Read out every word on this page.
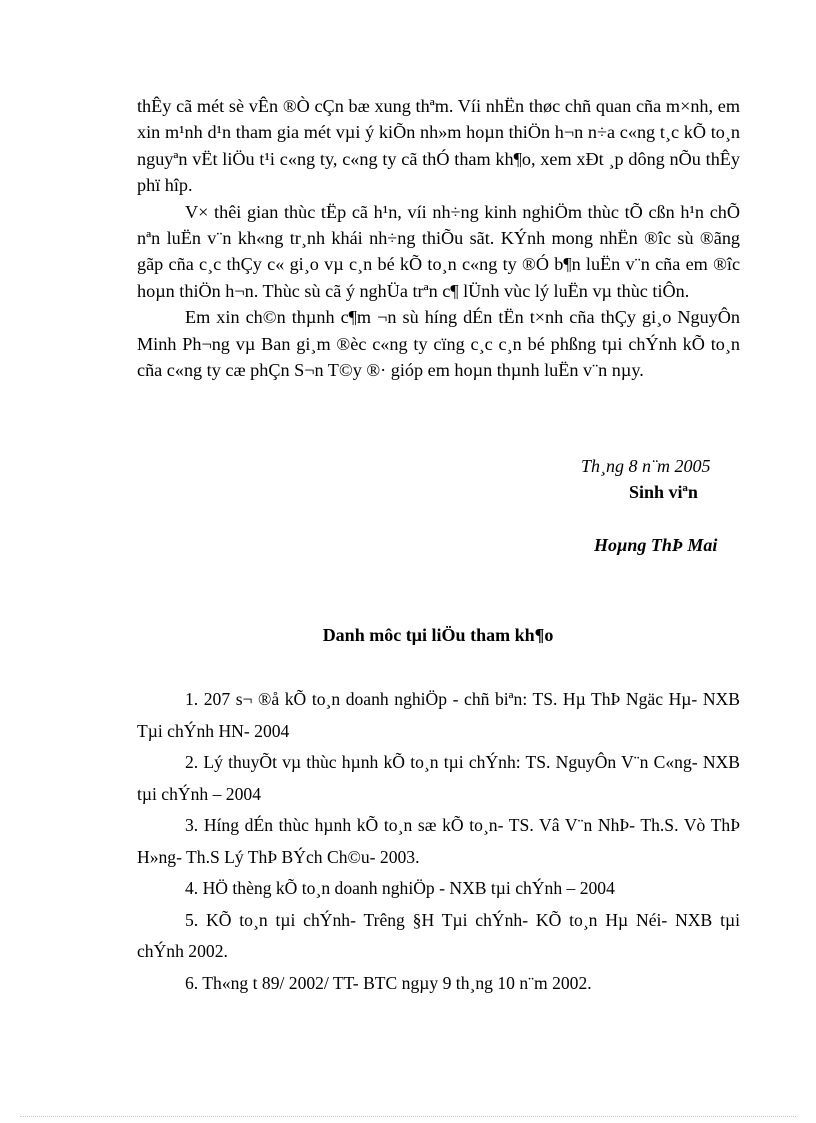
thÊy cã mét sè vÊn ®Ò cÇn bæ xung thªm. Víi nhËn thøc chñ quan cña m×nh, em xin m¹nh d¹n tham gia mét vµi ý kiÕn nh»m hoµn thiÖn h¬n n÷a c«ng t¸c kÕ to¸n nguyªn vËt liÖu t¹i c«ng ty, c«ng ty cã thÓ tham kh¶o, xem xÐt ¸p dông nÕu thÊy phï hîp.

V× thêi gian thùc tËp cã h¹n, víi nh÷ng kinh nghiÖm thùc tÕ cßn h¹n chÕ nªn luËn v¨n kh«ng tr¸nh khái nh÷ng thiÕu sãt. KÝnh mong nhËn ®îc sù ®ãng gãp cña c¸c thÇy c« gi¸o vµ c¸n bé kÕ to¸n c«ng ty ®Ó b¶n luËn v¨n cña em ®îc hoµn thiÖn h¬n. Thùc sù cã ý nghÜa trªn c¶ lÜnh vùc lý luËn vµ thùc tiÔn.

Em xin ch©n thµnh c¶m ¬n sù híng dÉn tËn t×nh cña thÇy gi¸o NguyÔn Minh Ph¬ng vµ Ban gi¸m ®èc c«ng ty cïng c¸c c¸n bé phßng tµi chÝnh kÕ to¸n cña c«ng ty cæ phÇn S¬n T©y ®· gióp em hoµn thµnh luËn v¨n nµy.

Th¸ng 8 n¨m 2005
Sinh viªn
Hoµng ThÞ Mai
Danh môc tµi liÖu tham kh¶o

1. 207 s¬ ®å kÕ to¸n doanh nghiÖp - chñ biªn: TS. Hµ ThÞ Ngäc Hµ- NXB Tµi chÝnh HN- 2004

2. Lý thuyÕt vµ thùc hµnh kÕ to¸n tµi chÝnh: TS. NguyÔn V¨n C«ng- NXB tµi chÝnh – 2004

3. Híng dÉn thùc hµnh kÕ to¸n sæ kÕ to¸n- TS. Vâ V¨n NhÞ- Th.S. Vò ThÞ H»ng- Th.S Lý ThÞ BÝch Ch©u- 2003.

4. HÖ thèng kÕ to¸n doanh nghiÖp - NXB tµi chÝnh – 2004

5. KÕ to¸n tµi chÝnh- Trêng §H Tµi chÝnh- KÕ to¸n Hµ Néi- NXB tµi chÝnh 2002.

6. Th«ng t 89/ 2002/ TT- BTC ngµy 9 th¸ng 10 n¨m 2002.
